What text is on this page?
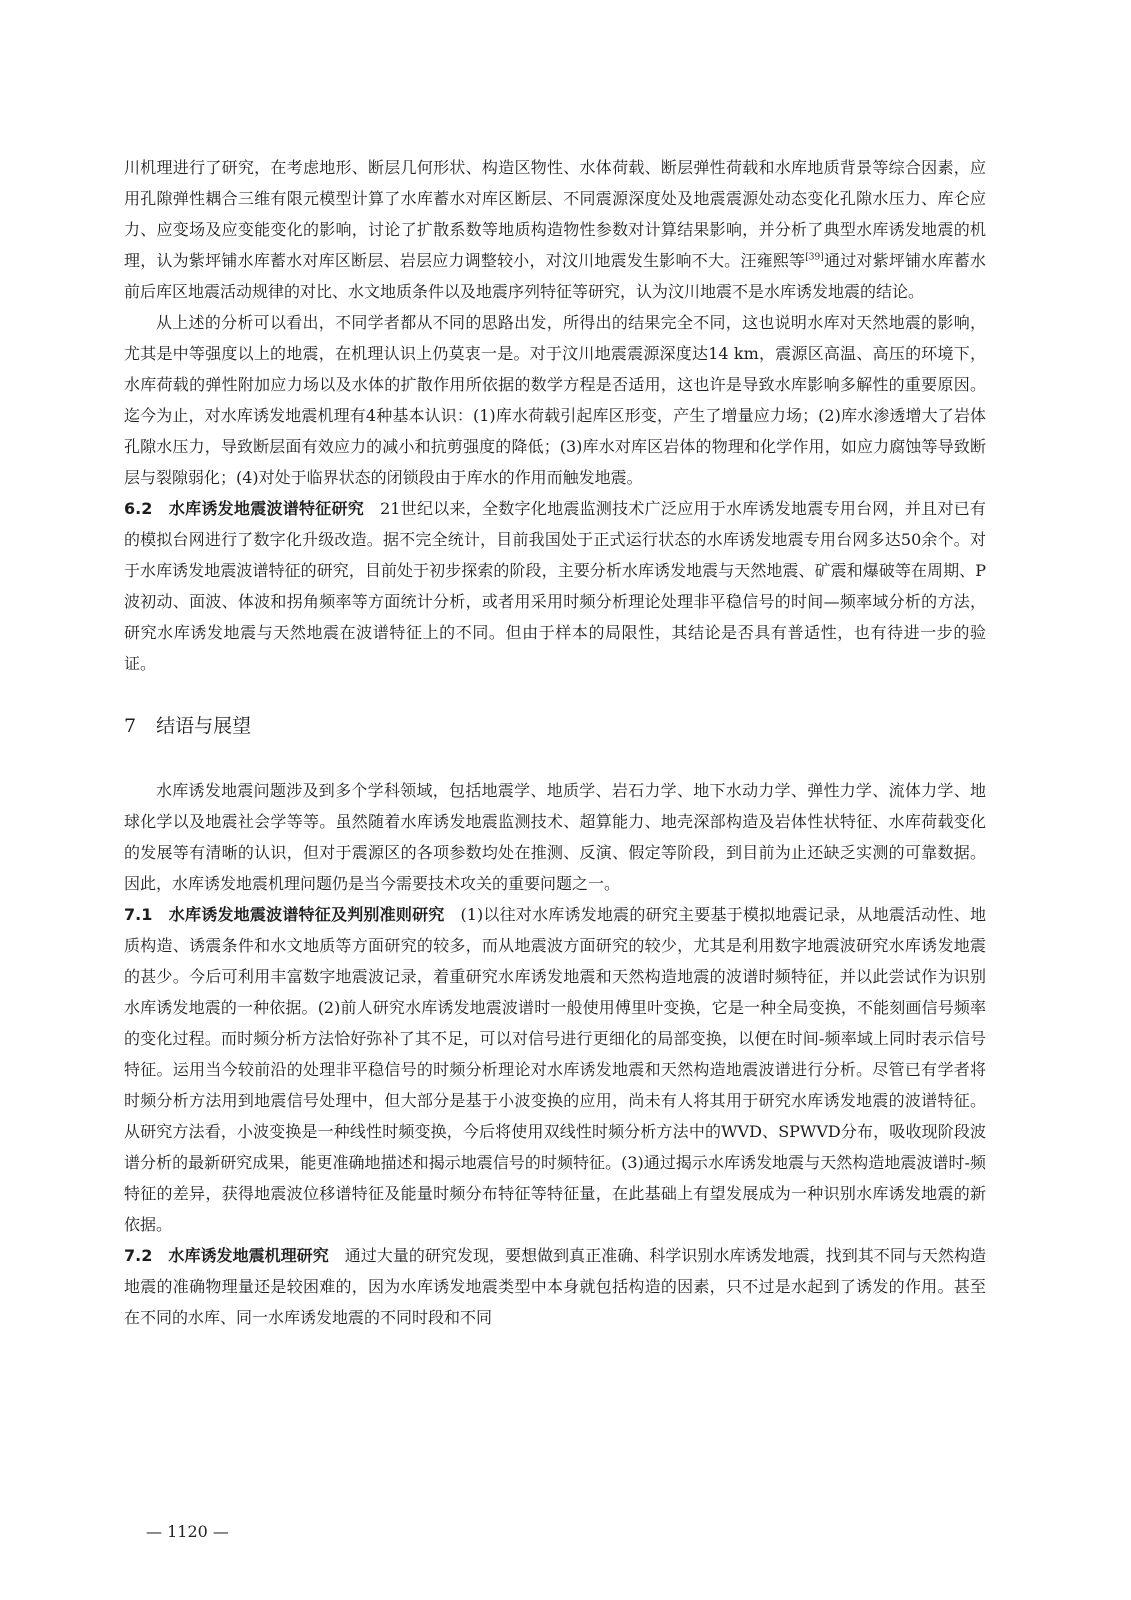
川机理进行了研究，在考虑地形、断层几何形状、构造区物性、水体荷载、断层弹性荷载和水库地质背景等综合因素，应用孔隙弹性耦合三维有限元模型计算了水库蓄水对库区断层、不同震源深度处及地震震源处动态变化孔隙水压力、库仑应力、应变场及应变能变化的影响，讨论了扩散系数等地质构造物性参数对计算结果影响，并分析了典型水库诱发地震的机理，认为紫坪铺水库蓄水对库区断层、岩层应力调整较小，对汶川地震发生影响不大。汪雍熙等[39]通过对紫坪铺水库蓄水前后库区地震活动规律的对比、水文地质条件以及地震序列特征等研究，认为汶川地震不是水库诱发地震的结论。

从上述的分析可以看出，不同学者都从不同的思路出发，所得出的结果完全不同，这也说明水库对天然地震的影响，尤其是中等强度以上的地震，在机理认识上仍莫衷一是。对于汶川地震震源深度达14 km，震源区高温、高压的环境下，水库荷载的弹性附加应力场以及水体的扩散作用所依据的数学方程是否适用，这也许是导致水库影响多解性的重要原因。迄今为止，对水库诱发地震机理有4种基本认识：(1)库水荷载引起库区形变，产生了增量应力场；(2)库水渗透增大了岩体孔隙水压力，导致断层面有效应力的减小和抗剪强度的降低；(3)库水对库区岩体的物理和化学作用，如应力腐蚀等导致断层与裂隙弱化；(4)对处于临界状态的闭锁段由于库水的作用而触发地震。

6.2　水库诱发地震波谱特征研究 21世纪以来，全数字化地震监测技术广泛应用于水库诱发地震专用台网，并且对已有的模拟台网进行了数字化升级改造。据不完全统计，目前我国处于正式运行状态的水库诱发地震专用台网多达50余个。对于水库诱发地震波谱特征的研究，目前处于初步探索的阶段，主要分析水库诱发地震与天然地震、矿震和爆破等在周期、P波初动、面波、体波和拐角频率等方面统计分析，或者用采用时频分析理论处理非平稳信号的时间—频率域分析的方法，研究水库诱发地震与天然地震在波谱特征上的不同。但由于样本的局限性，其结论是否具有普适性，也有待进一步的验证。

7 结语与展望

水库诱发地震问题涉及到多个学科领域，包括地震学、地质学、岩石力学、地下水动力学、弹性力学、流体力学、地球化学以及地震社会学等等。虽然随着水库诱发地震监测技术、超算能力、地壳深部构造及岩体性状特征、水库荷载变化的发展等有清晰的认识，但对于震源区的各项参数均处在推测、反演、假定等阶段，到目前为止还缺乏实测的可靠数据。因此，水库诱发地震机理问题仍是当今需要技术攻关的重要问题之一。

7.1　水库诱发地震波谱特征及判别准则研究 (1)以往对水库诱发地震的研究主要基于模拟地震记录，从地震活动性、地质构造、诱震条件和水文地质等方面研究的较多，而从地震波方面研究的较少，尤其是利用数字地震波研究水库诱发地震的甚少。今后可利用丰富数字地震波记录，着重研究水库诱发地震和天然构造地震的波谱时频特征，并以此尝试作为识别水库诱发地震的一种依据。(2)前人研究水库诱发地震波谱时一般使用傅里叶变换，它是一种全局变换，不能刻画信号频率的变化过程。而时频分析方法恰好弥补了其不足，可以对信号进行更细化的局部变换，以便在时间-频率域上同时表示信号特征。运用当今较前沿的处理非平稳信号的时频分析理论对水库诱发地震和天然构造地震波谱进行分析。尽管已有学者将时频分析方法用到地震信号处理中，但大部分是基于小波变换的应用，尚未有人将其用于研究水库诱发地震的波谱特征。从研究方法看，小波变换是一种线性时频变换，今后将使用双线性时频分析方法中的WVD、SPWVD分布，吸收现阶段波谱分析的最新研究成果，能更准确地描述和揭示地震信号的时频特征。(3)通过揭示水库诱发地震与天然构造地震波谱时-频特征的差异，获得地震波位移谱特征及能量时频分布特征等特征量，在此基础上有望发展成为一种识别水库诱发地震的新依据。

7.2　水库诱发地震机理研究 通过大量的研究发现，要想做到真正准确、科学识别水库诱发地震，找到其不同与天然构造地震的准确物理量还是较困难的，因为水库诱发地震类型中本身就包括构造的因素，只不过是水起到了诱发的作用。甚至在不同的水库、同一水库诱发地震的不同时段和不同

— 1120 —
